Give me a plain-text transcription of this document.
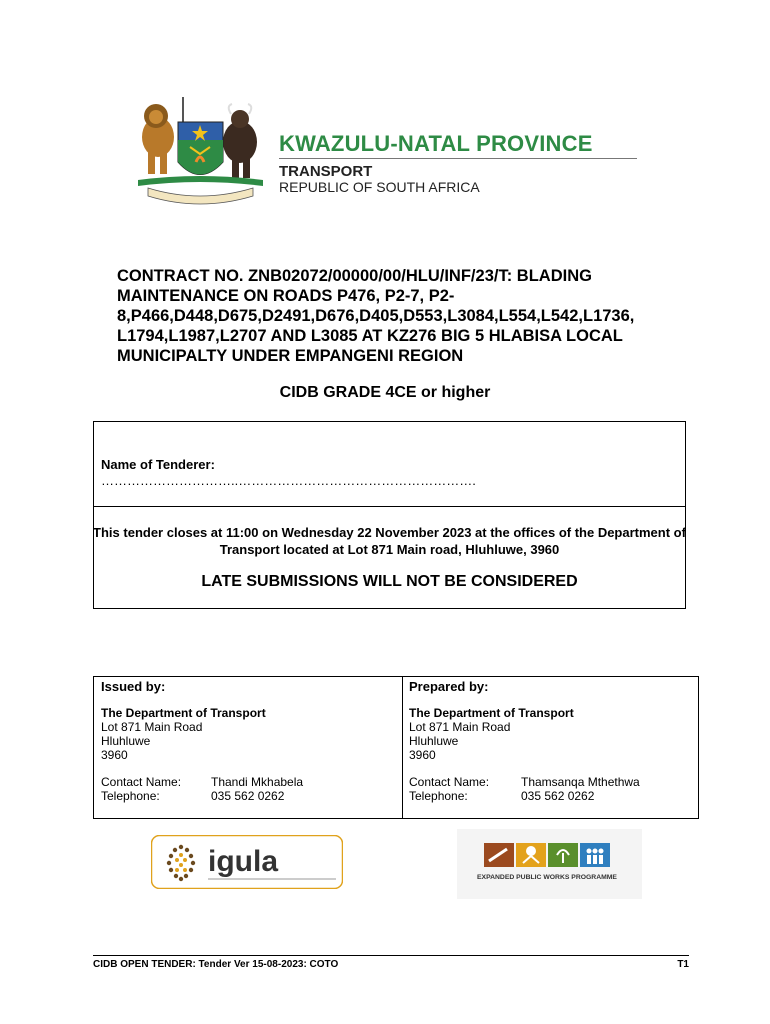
KWAZULU-NATAL PROVINCE
TRANSPORT
REPUBLIC OF SOUTH AFRICA
CONTRACT NO. ZNB02072/00000/00/HLU/INF/23/T: BLADING
MAINTENANCE ON ROADS P476, P2-7, P2-
8,P466,D448,D675,D2491,D676,D405,D553,L3084,L554,L542,L1736,
L1794,L1987,L2707 AND L3085 AT KZ276 BIG 5 HLABISA LOCAL
MUNICIPALTY UNDER EMPANGENI REGION
CIDB GRADE 4CE or higher
Name of Tenderer:
…………………………..……………………………………………….
This tender closes at 11:00 on Wednesday 22 November 2023 at the offices of the Department of Transport located at Lot 871 Main road, Hluhluwe, 3960
LATE SUBMISSIONS WILL NOT BE CONSIDERED
Issued by:
The Department of Transport
Lot 871 Main Road
Hluhluwe
3960
Contact Name:	Thandi Mkhabela
Telephone:	035 562 0262
Prepared by:
The Department of Transport
Lot 871 Main Road
Hluhluwe
3960
Contact Name:	Thamsanqa Mthethwa
Telephone:	035 562 0262
igula	EXPANDED PUBLIC WORKS PROGRAMME
CIDB OPEN TENDER: Tender Ver 15-08-2023: COTO	T1
